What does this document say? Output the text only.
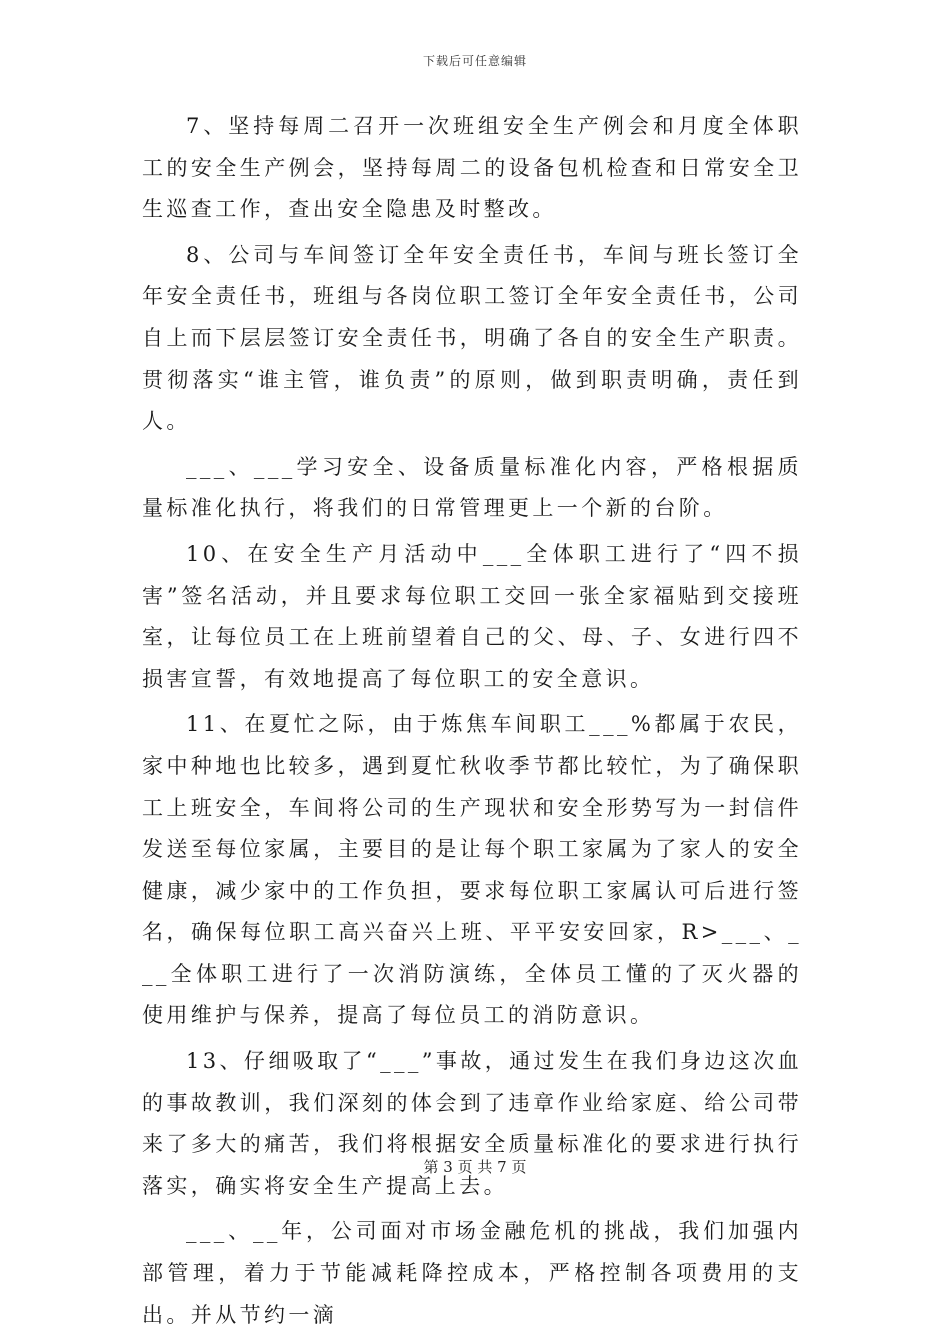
下载后可任意编辑

7、坚持每周二召开一次班组安全生产例会和月度全体职工的安全生产例会，坚持每周二的设备包机检查和日常安全卫生巡查工作，查出安全隐患及时整改。

8、公司与车间签订全年安全责任书，车间与班长签订全年安全责任书，班组与各岗位职工签订全年安全责任书，公司自上而下层层签订安全责任书，明确了各自的安全生产职责。贯彻落实“谁主管，谁负责”的原则，做到职责明确，责任到人。

___、___学习安全、设备质量标准化内容，严格根据质量标准化执行，将我们的日常管理更上一个新的台阶。

10、在安全生产月活动中___全体职工进行了“四不损害”签名活动，并且要求每位职工交回一张全家福贴到交接班室，让每位员工在上班前望着自己的父、母、子、女进行四不损害宣誓，有效地提高了每位职工的安全意识。

11、在夏忙之际，由于炼焦车间职工___%都属于农民，家中种地也比较多，遇到夏忙秋收季节都比较忙，为了确保职工上班安全，车间将公司的生产现状和安全形势写为一封信件发送至每位家属，主要目的是让每个职工家属为了家人的安全健康，减少家中的工作负担，要求每位职工家属认可后进行签名，确保每位职工高兴奋兴上班、平平安安回家，R>___、___全体职工进行了一次消防演练，全体员工懂的了灭火器的使用维护与保养，提高了每位员工的消防意识。

13、仔细吸取了“___”事故，通过发生在我们身边这次血的事故教训，我们深刻的体会到了违章作业给家庭、给公司带来了多大的痛苦，我们将根据安全质量标准化的要求进行执行落实，确实将安全生产提高上去。

___、__年，公司面对市场金融危机的挑战，我们加强内部管理，着力于节能减耗降控成本，严格控制各项费用的支出。并从节约一滴

第 3 页 共 7 页
